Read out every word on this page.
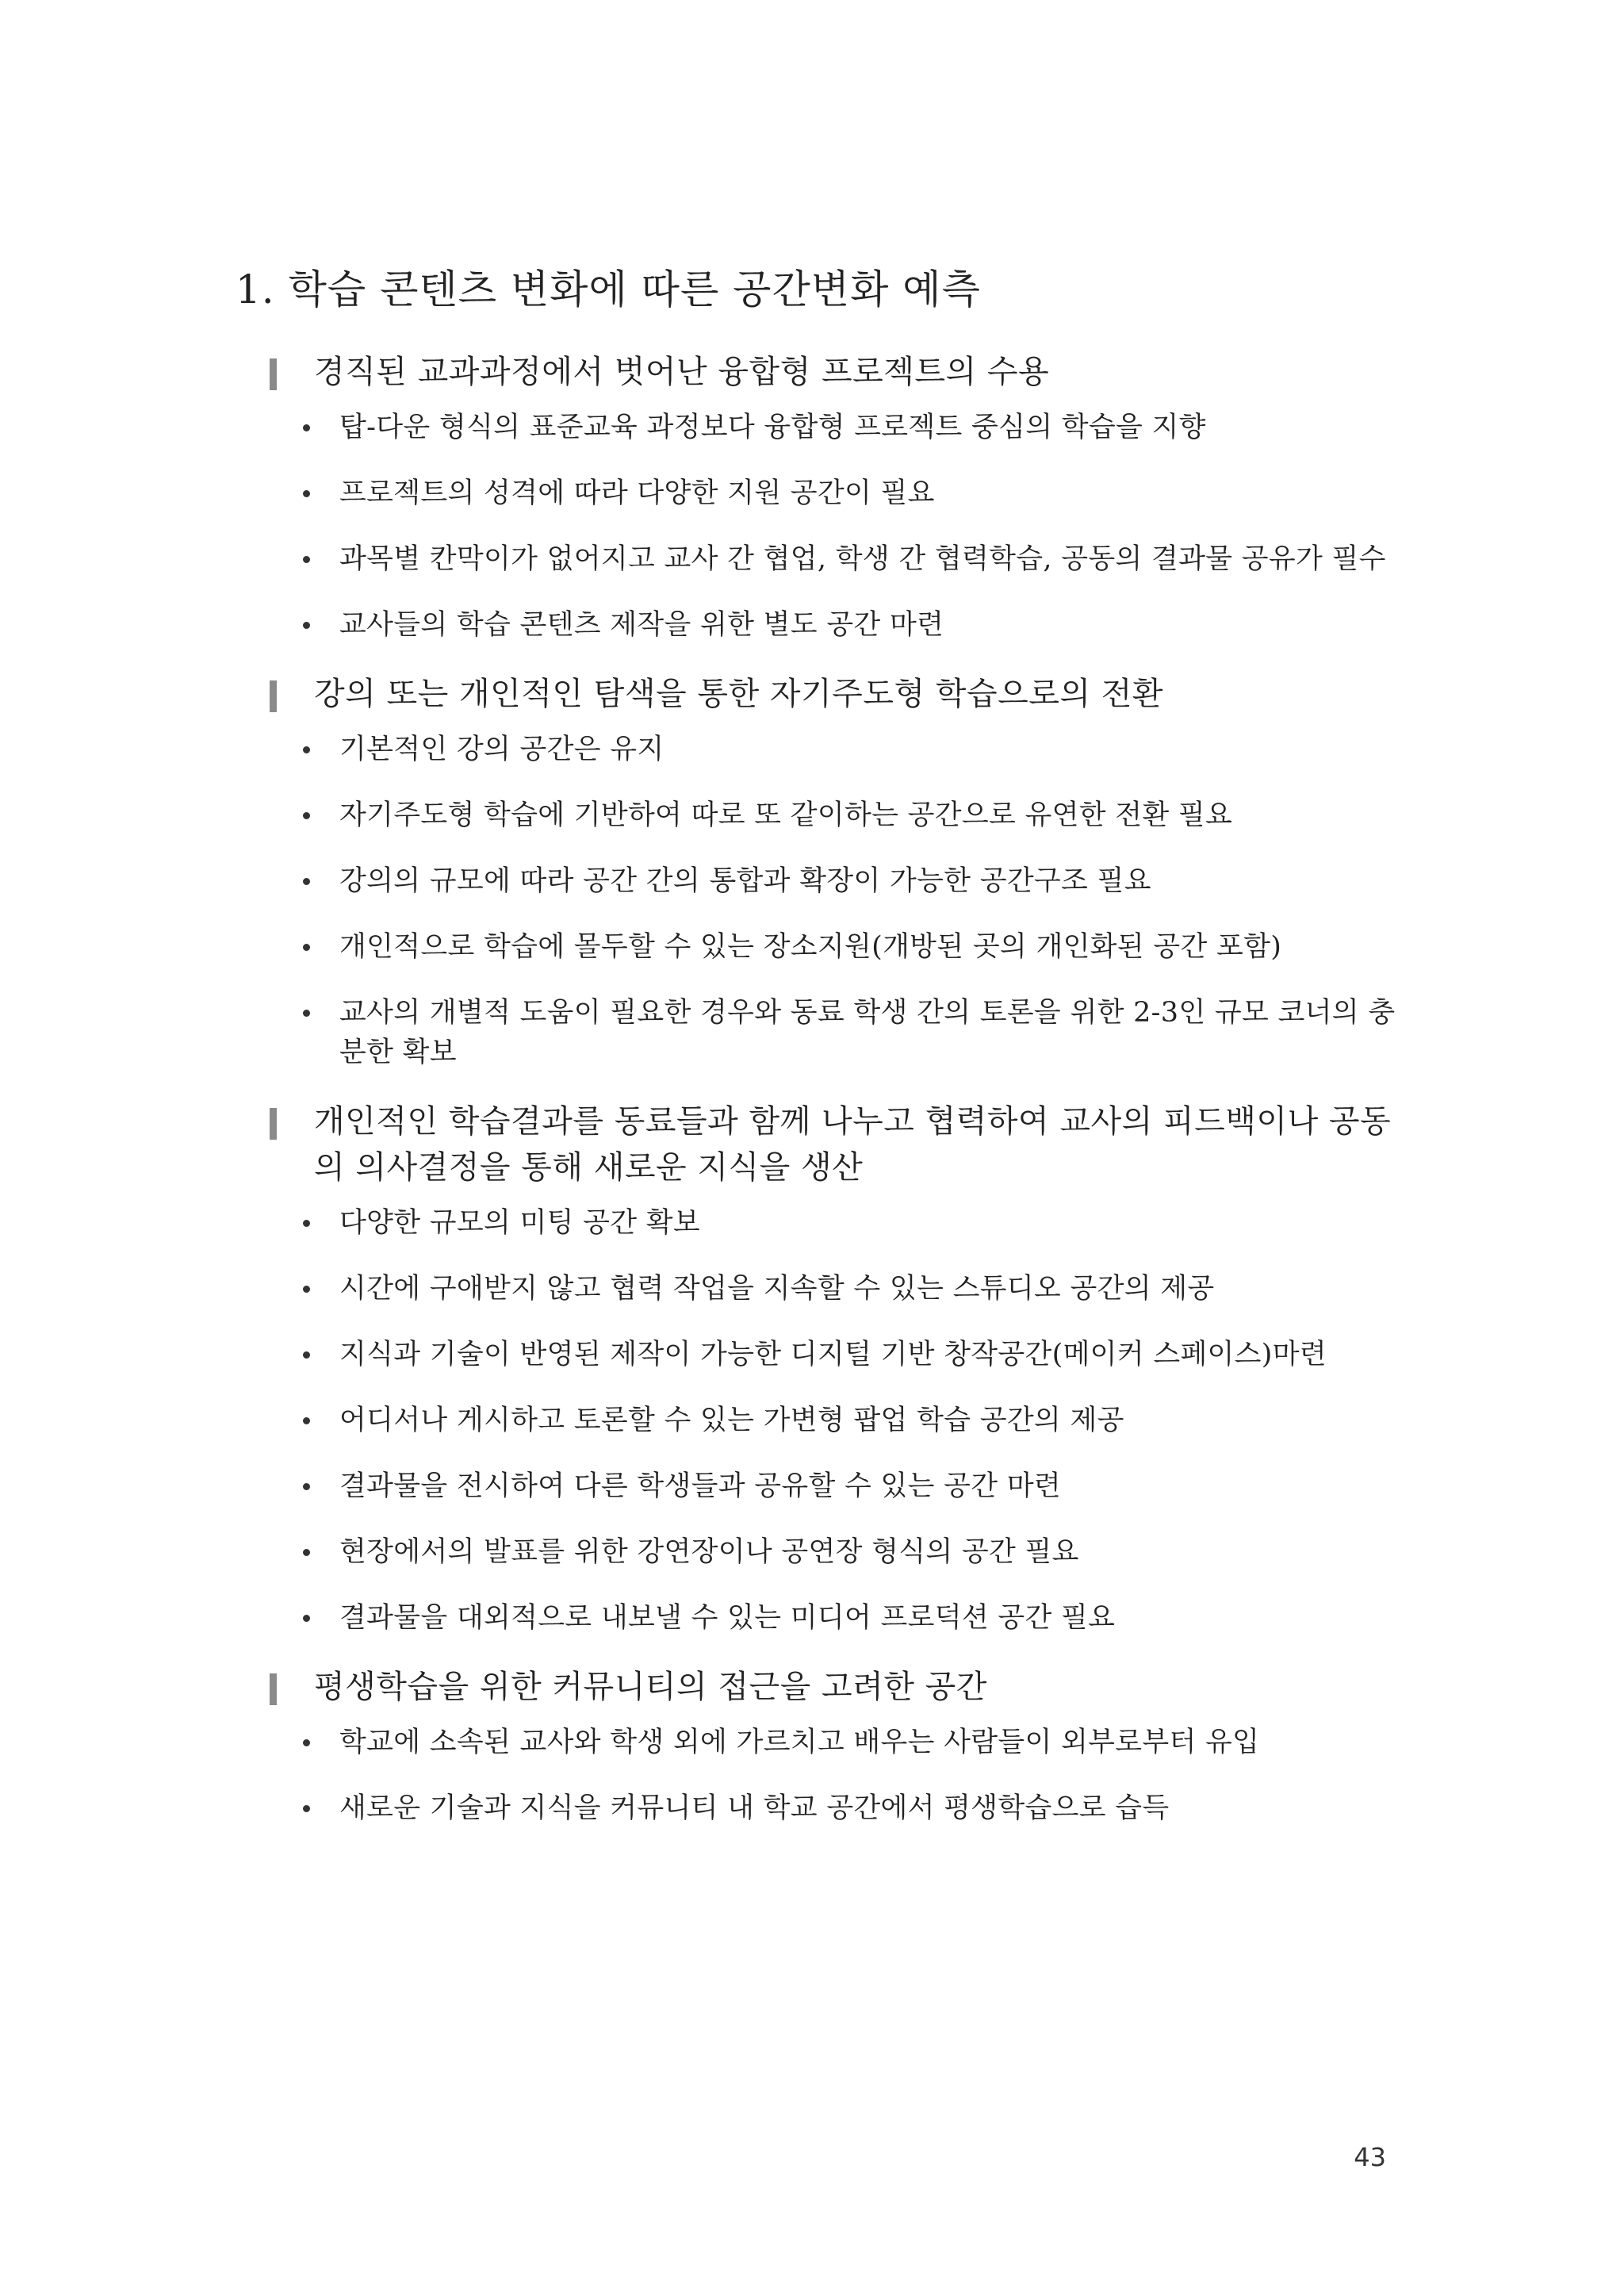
1. 학습 콘텐츠 변화에 따른 공간변화 예측
경직된 교과과정에서 벗어난 융합형 프로젝트의 수용
탑-다운 형식의 표준교육 과정보다 융합형 프로젝트 중심의 학습을 지향
프로젝트의 성격에 따라 다양한 지원 공간이 필요
과목별 칸막이가 없어지고 교사 간 협업, 학생 간 협력학습, 공동의 결과물 공유가 필수
교사들의 학습 콘텐츠 제작을 위한 별도 공간 마련
강의 또는 개인적인 탐색을 통한 자기주도형 학습으로의 전환
기본적인 강의 공간은 유지
자기주도형 학습에 기반하여 따로 또 같이하는 공간으로 유연한 전환 필요
강의의 규모에 따라 공간 간의 통합과 확장이 가능한 공간구조 필요
개인적으로 학습에 몰두할 수 있는 장소지원(개방된 곳의 개인화된 공간 포함)
교사의 개별적 도움이 필요한 경우와 동료 학생 간의 토론을 위한 2-3인 규모 코너의 충분한 확보
개인적인 학습결과를 동료들과 함께 나누고 협력하여 교사의 피드백이나 공동의 의사결정을 통해 새로운 지식을 생산
다양한 규모의 미팅 공간 확보
시간에 구애받지 않고 협력 작업을 지속할 수 있는 스튜디오 공간의 제공
지식과 기술이 반영된 제작이 가능한 디지털 기반 창작공간(메이커 스페이스)마련
어디서나 게시하고 토론할 수 있는 가변형 팝업 학습 공간의 제공
결과물을 전시하여 다른 학생들과 공유할 수 있는 공간 마련
현장에서의 발표를 위한 강연장이나 공연장 형식의 공간 필요
결과물을 대외적으로 내보낼 수 있는 미디어 프로덕션 공간 필요
평생학습을 위한 커뮤니티의 접근을 고려한 공간
학교에 소속된 교사와 학생 외에 가르치고 배우는 사람들이 외부로부터 유입
새로운 기술과 지식을 커뮤니티 내 학교 공간에서 평생학습으로 습득
43
